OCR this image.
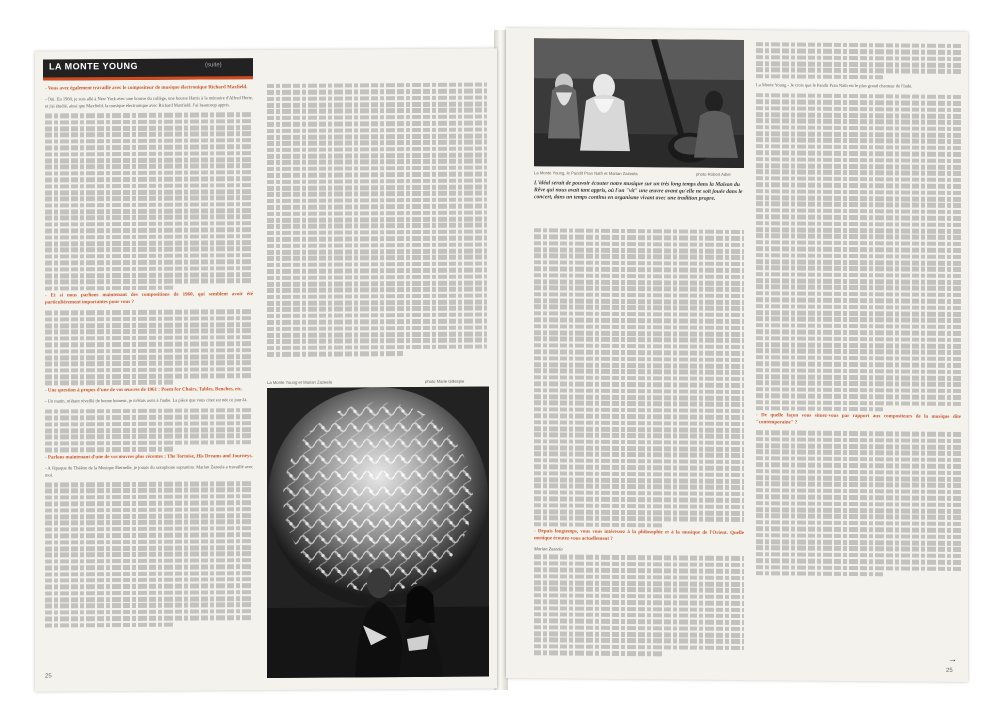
LA MONTE YOUNG	(suite)
- Vous avez également travaillé avec le compositeur de musique électronique Richard Maxfield.

- Oui. En 1960, je suis allé à New York avec une bourse du collège, une bourse Hatris à la mémoire d'Alfred Hertz, et j'ai étudié, ainsi que Maxfield, la musique électronique avec Richard Maxfield. J'ai beaucoup appris.

- Et si nous parlions maintenant des compositions de 1960, qui semblent avoir été particulièrement importantes pour vous ?
- Une question à propos d'une de vos œuvres de 1961 : Poem for Chairs, Tables, Benches, etc.

- Un matin, m'étant réveillé de bonne humeur, je m'étais assis à l'aube. La pièce que vous citez est née ce jour-là.

- Parlons maintenant d'une de vos œuvres plus récentes : The Tortoise, His Dreams and Journeys.

- A l'époque du Théâtre de la Musique Éternelle, je jouais du saxophone sopranino. Marian Zazeela a travaillé avec moi.

La Monte Young et Marian Zazeela	photo Marie Gillespie
25
La Monte Young, le Pandit Pran Nath et Marian Zazeela	photo Robert Adler
L'idéal serait de pouvoir écouter notre musique sur un très long temps dans la Maison du Rêve qui nous avait tant appris, où l'on "vit" une œuvre avant qu'elle ne soit jouée dans le concert, dans un temps continu en organisme vivant avec une tradition propre.
- Depuis longtemps, vous vous intéressez à la philosophie et à la musique de l'Orient. Quelle musique écoutez-vous actuellement ?

Marian Zazeela

La Monte Young - Je crois que le Pandit Pran Nath est le plus grand chanteur de l'Inde.

- De quelle façon vous situez-vous par rapport aux compositeurs de la musique dite "contemporaine" ?
→
25
